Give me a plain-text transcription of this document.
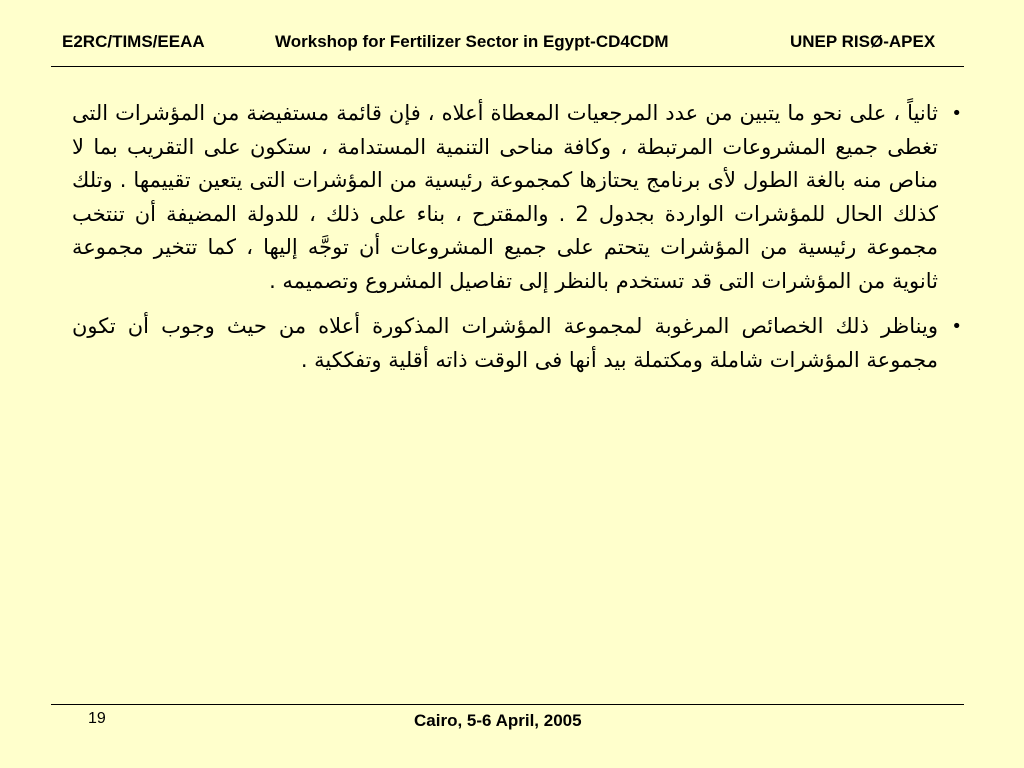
E2RC/TIMS/EEAA	Workshop for Fertilizer Sector in Egypt-CD4CDM	UNEP RISØ-APEX

•
ثانياً ، على نحو ما يتبين من عدد المرجعيات المعطاة أعلاه ، فإن قائمة مستفيضة من المؤشرات التى تغطى جميع المشروعات المرتبطة ، وكافة مناحى التنمية المستدامة ، ستكون على التقريب بما لا مناص منه بالغة الطول لأى برنامج يحتازها كمجموعة رئيسية من المؤشرات التى يتعين تقييمها . وتلك كذلك الحال للمؤشرات الواردة بجدول 2 . والمقترح ، بناء على ذلك ، للدولة المضيفة أن تنتخب مجموعة رئيسية من المؤشرات يتحتم على جميع المشروعات أن توجَّه إليها ، كما تتخير مجموعة ثانوية من المؤشرات التى قد تستخدم بالنظر إلى تفاصيل المشروع وتصميمه .

•
ويناظر ذلك الخصائص المرغوبة لمجموعة المؤشرات المذكورة أعلاه من حيث وجوب أن تكون مجموعة المؤشرات شاملة ومكتملة بيد أنها فى الوقت ذاته أقلية وتفككية .

19	Cairo, 5-6 April, 2005
